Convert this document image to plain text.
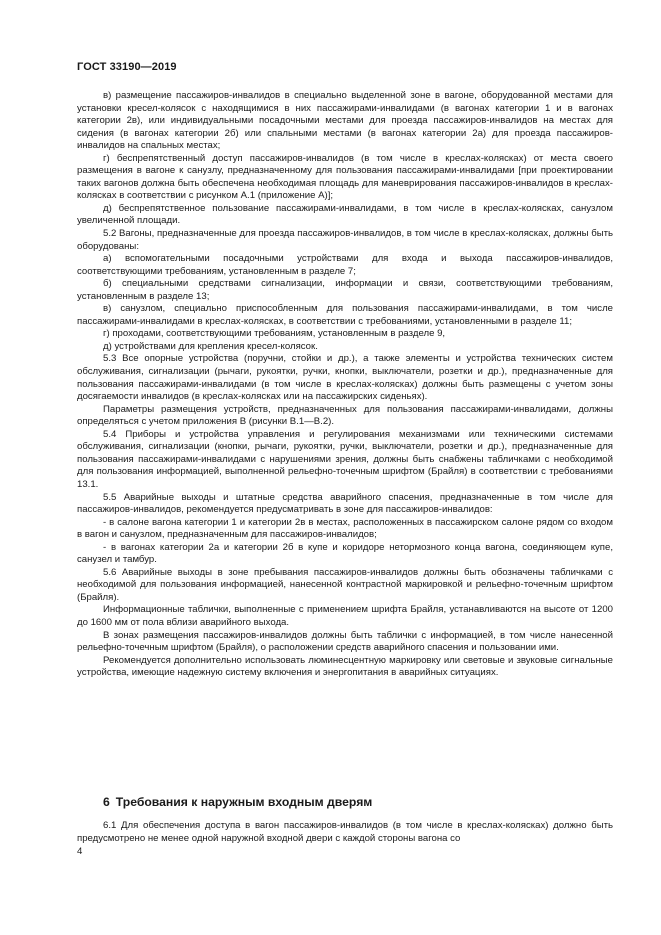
ГОСТ 33190—2019

в) размещение пассажиров-инвалидов в специально выделенной зоне в вагоне, оборудованной местами для установки кресел-колясок с находящимися в них пассажирами-инвалидами (в вагонах категории 1 и в вагонах категории 2в), или индивидуальными посадочными местами для проезда пассажиров-инвалидов на местах для сидения (в вагонах категории 2б) или спальными местами (в вагонах категории 2а) для проезда пассажиров-инвалидов на спальных местах;

г) беспрепятственный доступ пассажиров-инвалидов (в том числе в креслах-колясках) от места своего размещения в вагоне к санузлу, предназначенному для пользования пассажирами-инвалидами [при проектировании таких вагонов должна быть обеспечена необходимая площадь для маневрирования пассажиров-инвалидов в креслах-колясках в соответствии с рисунком А.1 (приложение А)];

д) беспрепятственное пользование пассажирами-инвалидами, в том числе в креслах-колясках, санузлом увеличенной площади.

5.2 Вагоны, предназначенные для проезда пассажиров-инвалидов, в том числе в креслах-колясках, должны быть оборудованы:

а) вспомогательными посадочными устройствами для входа и выхода пассажиров-инвалидов, соответствующими требованиям, установленным в разделе 7;

б) специальными средствами сигнализации, информации и связи, соответствующими требованиям, установленным в разделе 13;

в) санузлом, специально приспособленным для пользования пассажирами-инвалидами, в том числе пассажирами-инвалидами в креслах-колясках, в соответствии с требованиями, установленными в разделе 11;

г) проходами, соответствующими требованиям, установленным в разделе 9,

д) устройствами для крепления кресел-колясок.

5.3 Все опорные устройства (поручни, стойки и др.), а также элементы и устройства технических систем обслуживания, сигнализации (рычаги, рукоятки, ручки, кнопки, выключатели, розетки и др.), предназначенные для пользования пассажирами-инвалидами (в том числе в креслах-колясках) должны быть размещены с учетом зоны досягаемости инвалидов (в креслах-колясках или на пассажирских сиденьях).

Параметры размещения устройств, предназначенных для пользования пассажирами-инвалидами, должны определяться с учетом приложения В (рисунки В.1—В.2).

5.4 Приборы и устройства управления и регулирования механизмами или техническими системами обслуживания, сигнализации (кнопки, рычаги, рукоятки, ручки, выключатели, розетки и др.), предназначенные для пользования пассажирами-инвалидами с нарушениями зрения, должны быть снабжены табличками с необходимой для пользования информацией, выполненной рельефно-точечным шрифтом (Брайля) в соответствии с требованиями 13.1.

5.5 Аварийные выходы и штатные средства аварийного спасения, предназначенные в том числе для пассажиров-инвалидов, рекомендуется предусматривать в зоне для пассажиров-инвалидов:

- в салоне вагона категории 1 и категории 2в в местах, расположенных в пассажирском салоне рядом со входом в вагон и санузлом, предназначенным для пассажиров-инвалидов;

- в вагонах категории 2а и категории 2б в купе и коридоре нетормозного конца вагона, соединяющем купе, санузел и тамбур.

5.6 Аварийные выходы в зоне пребывания пассажиров-инвалидов должны быть обозначены табличками с необходимой для пользования информацией, нанесенной контрастной маркировкой и рельефно-точечным шрифтом (Брайля).

Информационные таблички, выполненные с применением шрифта Брайля, устанавливаются на высоте от 1200 до 1600 мм от пола вблизи аварийного выхода.

В зонах размещения пассажиров-инвалидов должны быть таблички с информацией, в том числе нанесенной рельефно-точечным шрифтом (Брайля), о расположении средств аварийного спасения и пользовании ими.

Рекомендуется дополнительно использовать люминесцентную маркировку или световые и звуковые сигнальные устройства, имеющие надежную систему включения и энергопитания в аварийных ситуациях.

6 Требования к наружным входным дверям

6.1 Для обеспечения доступа в вагон пассажиров-инвалидов (в том числе в креслах-колясках) должно быть предусмотрено не менее одной наружной входной двери с каждой стороны вагона со

4
